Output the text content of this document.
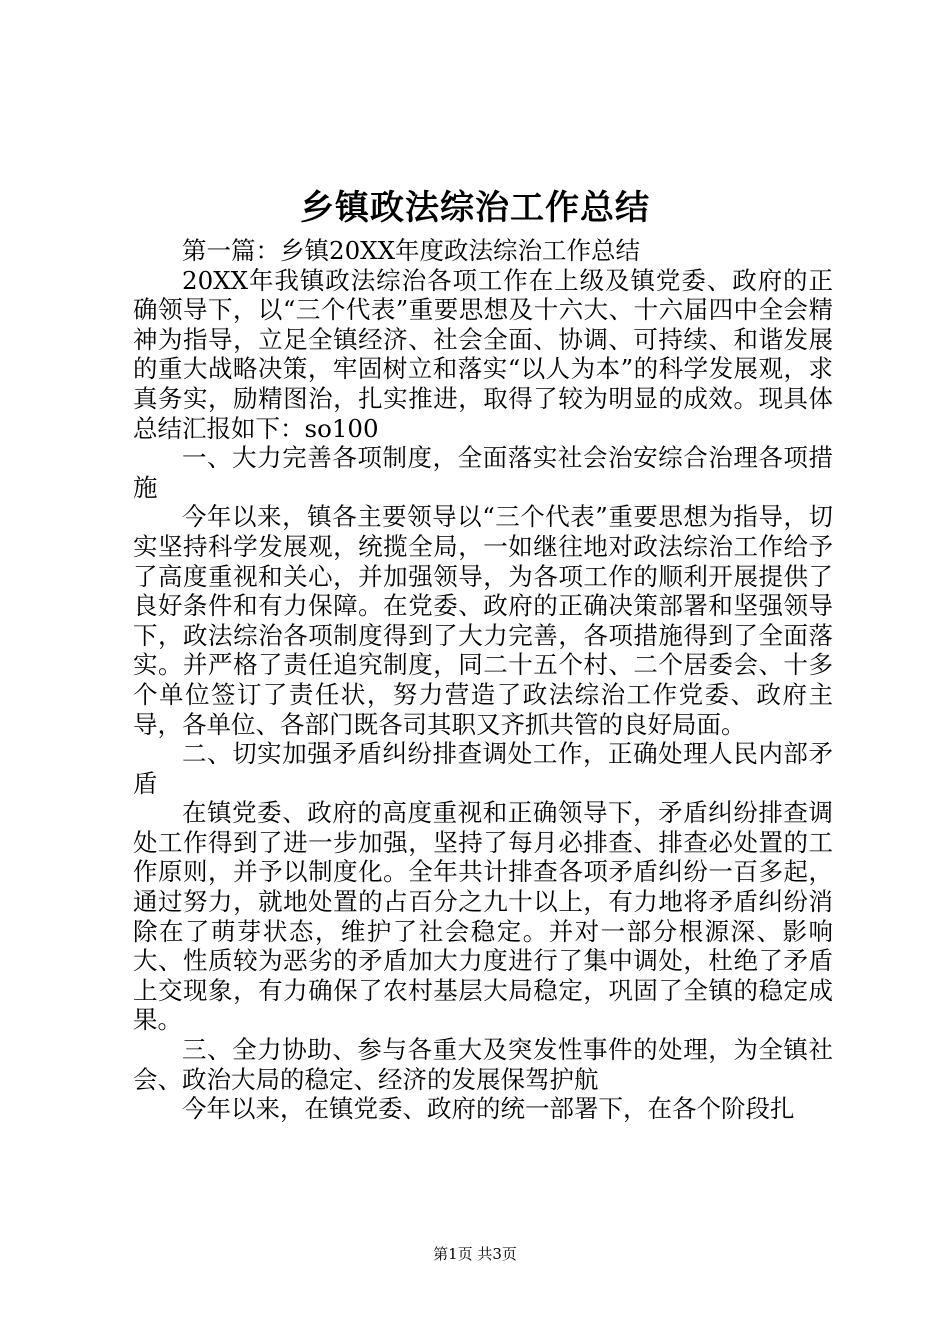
乡镇政法综治工作总结

第一篇：乡镇20XX年度政法综治工作总结

20XX年我镇政法综治各项工作在上级及镇党委、政府的正确领导下，以“三个代表”重要思想及十六大、十六届四中全会精神为指导，立足全镇经济、社会全面、协调、可持续、和谐发展的重大战略决策，牢固树立和落实“以人为本”的科学发展观，求真务实，励精图治，扎实推进，取得了较为明显的成效。现具体总结汇报如下：so100

一、大力完善各项制度，全面落实社会治安综合治理各项措施

今年以来，镇各主要领导以“三个代表”重要思想为指导，切实坚持科学发展观，统揽全局，一如继往地对政法综治工作给予了高度重视和关心，并加强领导，为各项工作的顺利开展提供了良好条件和有力保障。在党委、政府的正确决策部署和坚强领导下，政法综治各项制度得到了大力完善，各项措施得到了全面落实。并严格了责任追究制度，同二十五个村、二个居委会、十多个单位签订了责任状，努力营造了政法综治工作党委、政府主导，各单位、各部门既各司其职又齐抓共管的良好局面。

二、切实加强矛盾纠纷排查调处工作，正确处理人民内部矛盾

在镇党委、政府的高度重视和正确领导下，矛盾纠纷排查调处工作得到了进一步加强，坚持了每月必排查、排查必处置的工作原则，并予以制度化。全年共计排查各项矛盾纠纷一百多起，通过努力，就地处置的占百分之九十以上，有力地将矛盾纠纷消除在了萌芽状态，维护了社会稳定。并对一部分根源深、影响大、性质较为恶劣的矛盾加大力度进行了集中调处，杜绝了矛盾上交现象，有力确保了农村基层大局稳定，巩固了全镇的稳定成果。

三、全力协助、参与各重大及突发性事件的处理，为全镇社会、政治大局的稳定、经济的发展保驾护航

今年以来，在镇党委、政府的统一部署下，在各个阶段扎

第1页 共3页
